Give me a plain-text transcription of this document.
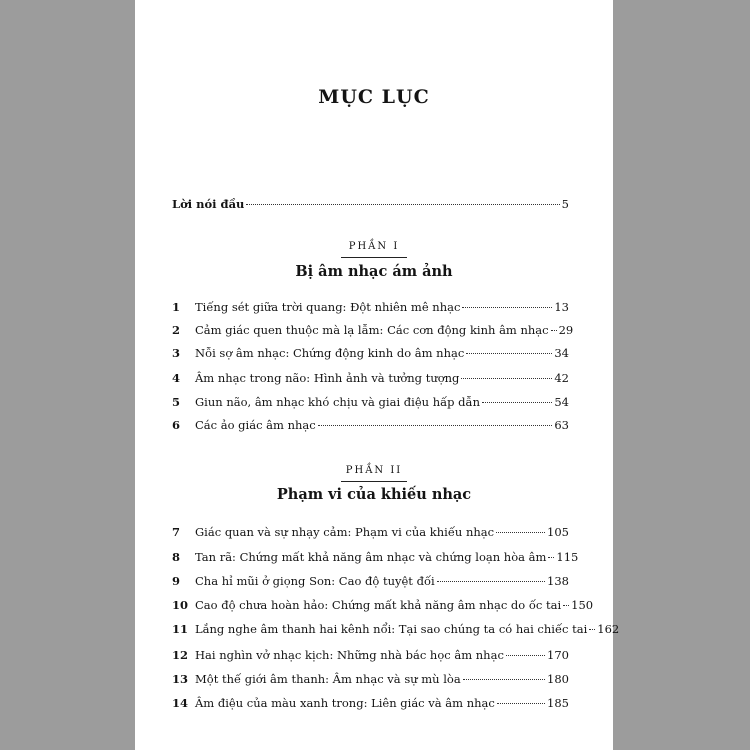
MỤC LỤC
Lời nói đầu	5
PHẦN I
Bị âm nhạc ám ảnh
1	Tiếng sét giữa trời quang: Đột nhiên mê nhạc	13
2	Cảm giác quen thuộc mà lạ lẫm: Các cơn động kinh âm nhạc 29
3	Nỗi sợ âm nhạc: Chứng động kinh do âm nhạc	34
4	Âm nhạc trong não: Hình ảnh và tưởng tượng	42
5	Giun não, âm nhạc khó chịu và giai điệu hấp dẫn	54
6	Các ảo giác âm nhạc	63
PHẦN II
Phạm vi của khiếu nhạc
7	Giác quan và sự nhạy cảm: Phạm vi của khiếu nhạc	105
8	Tan rã: Chứng mất khả năng âm nhạc và chứng loạn hòa âm 115
9	Cha hỉ mũi ở giọng Son: Cao độ tuyệt đối	138
10 Cao độ chưa hoàn hảo: Chứng mất khả năng âm nhạc do ốc tai 150
11 Lắng nghe âm thanh hai kênh nổi: Tại sao chúng ta có hai chiếc tai 162
12 Hai nghìn vở nhạc kịch: Những nhà bác học âm nhạc	170
13 Một thế giới âm thanh: Âm nhạc và sự mù lòa	180
14 Âm điệu của màu xanh trong: Liên giác và âm nhạc	185
